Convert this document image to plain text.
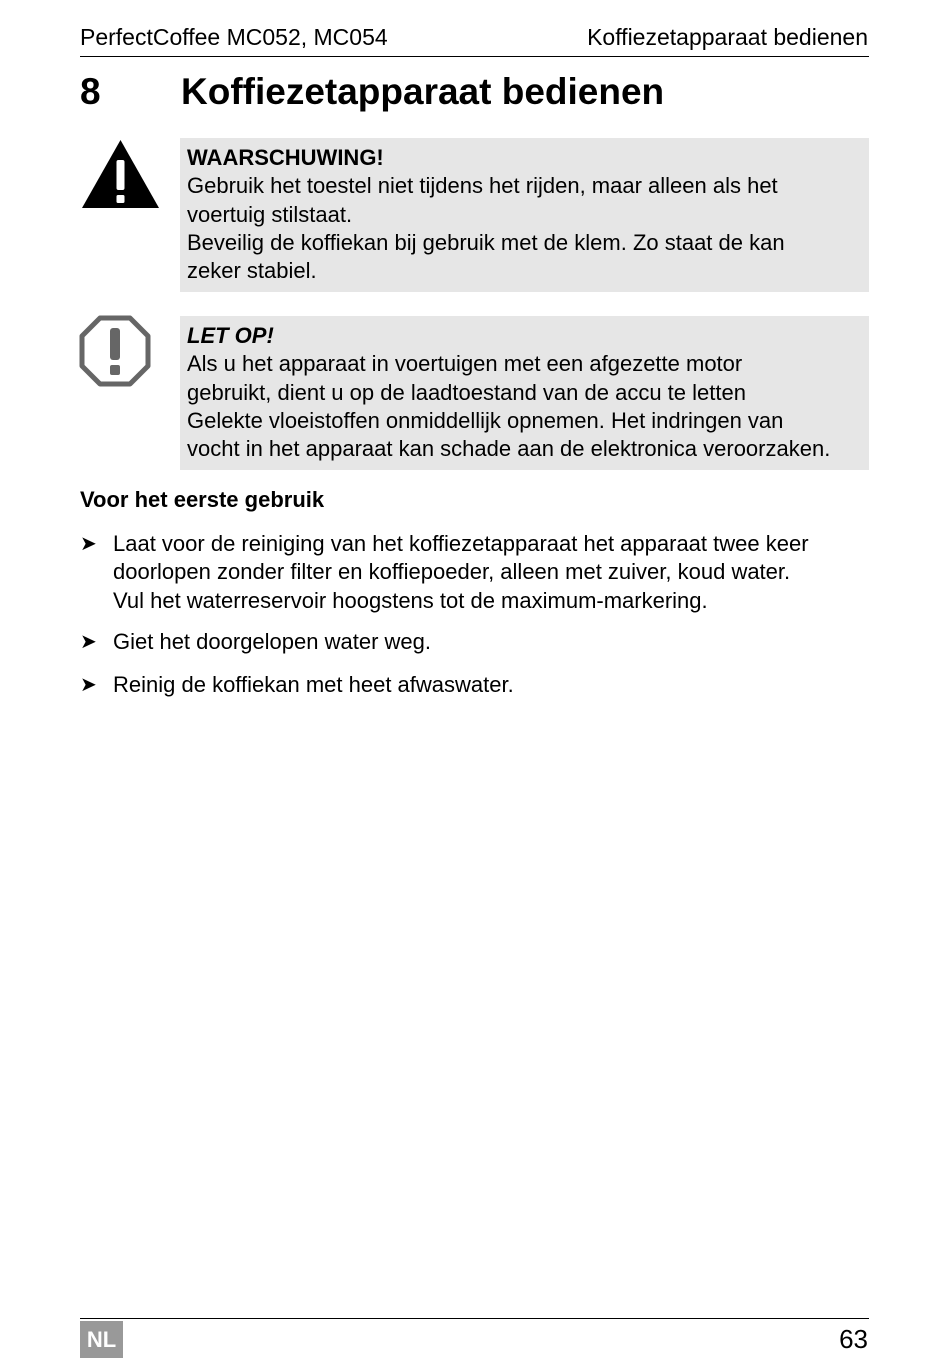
PerfectCoffee MC052, MC054	Koffiezetapparaat bedienen
8 Koffiezetapparaat bedienen
WAARSCHUWING!
Gebruik het toestel niet tijdens het rijden, maar alleen als het
voertuig stilstaat.
Beveilig de koffiekan bij gebruik met de klem. Zo staat de kan
zeker stabiel.
LET OP!
Als u het apparaat in voertuigen met een afgezette motor
gebruikt, dient u op de laadtoestand van de accu te letten
Gelekte vloeistoffen onmiddellijk opnemen. Het indringen van
vocht in het apparaat kan schade aan de elektronica veroorzaken.
Voor het eerste gebruik
➤ Laat voor de reiniging van het koffiezetapparaat het apparaat twee keer
doorlopen zonder filter en koffiepoeder, alleen met zuiver, koud water.
Vul het waterreservoir hoogstens tot de maximum-markering.
➤ Giet het doorgelopen water weg.
➤ Reinig de koffiekan met heet afwaswater.
NL	63
